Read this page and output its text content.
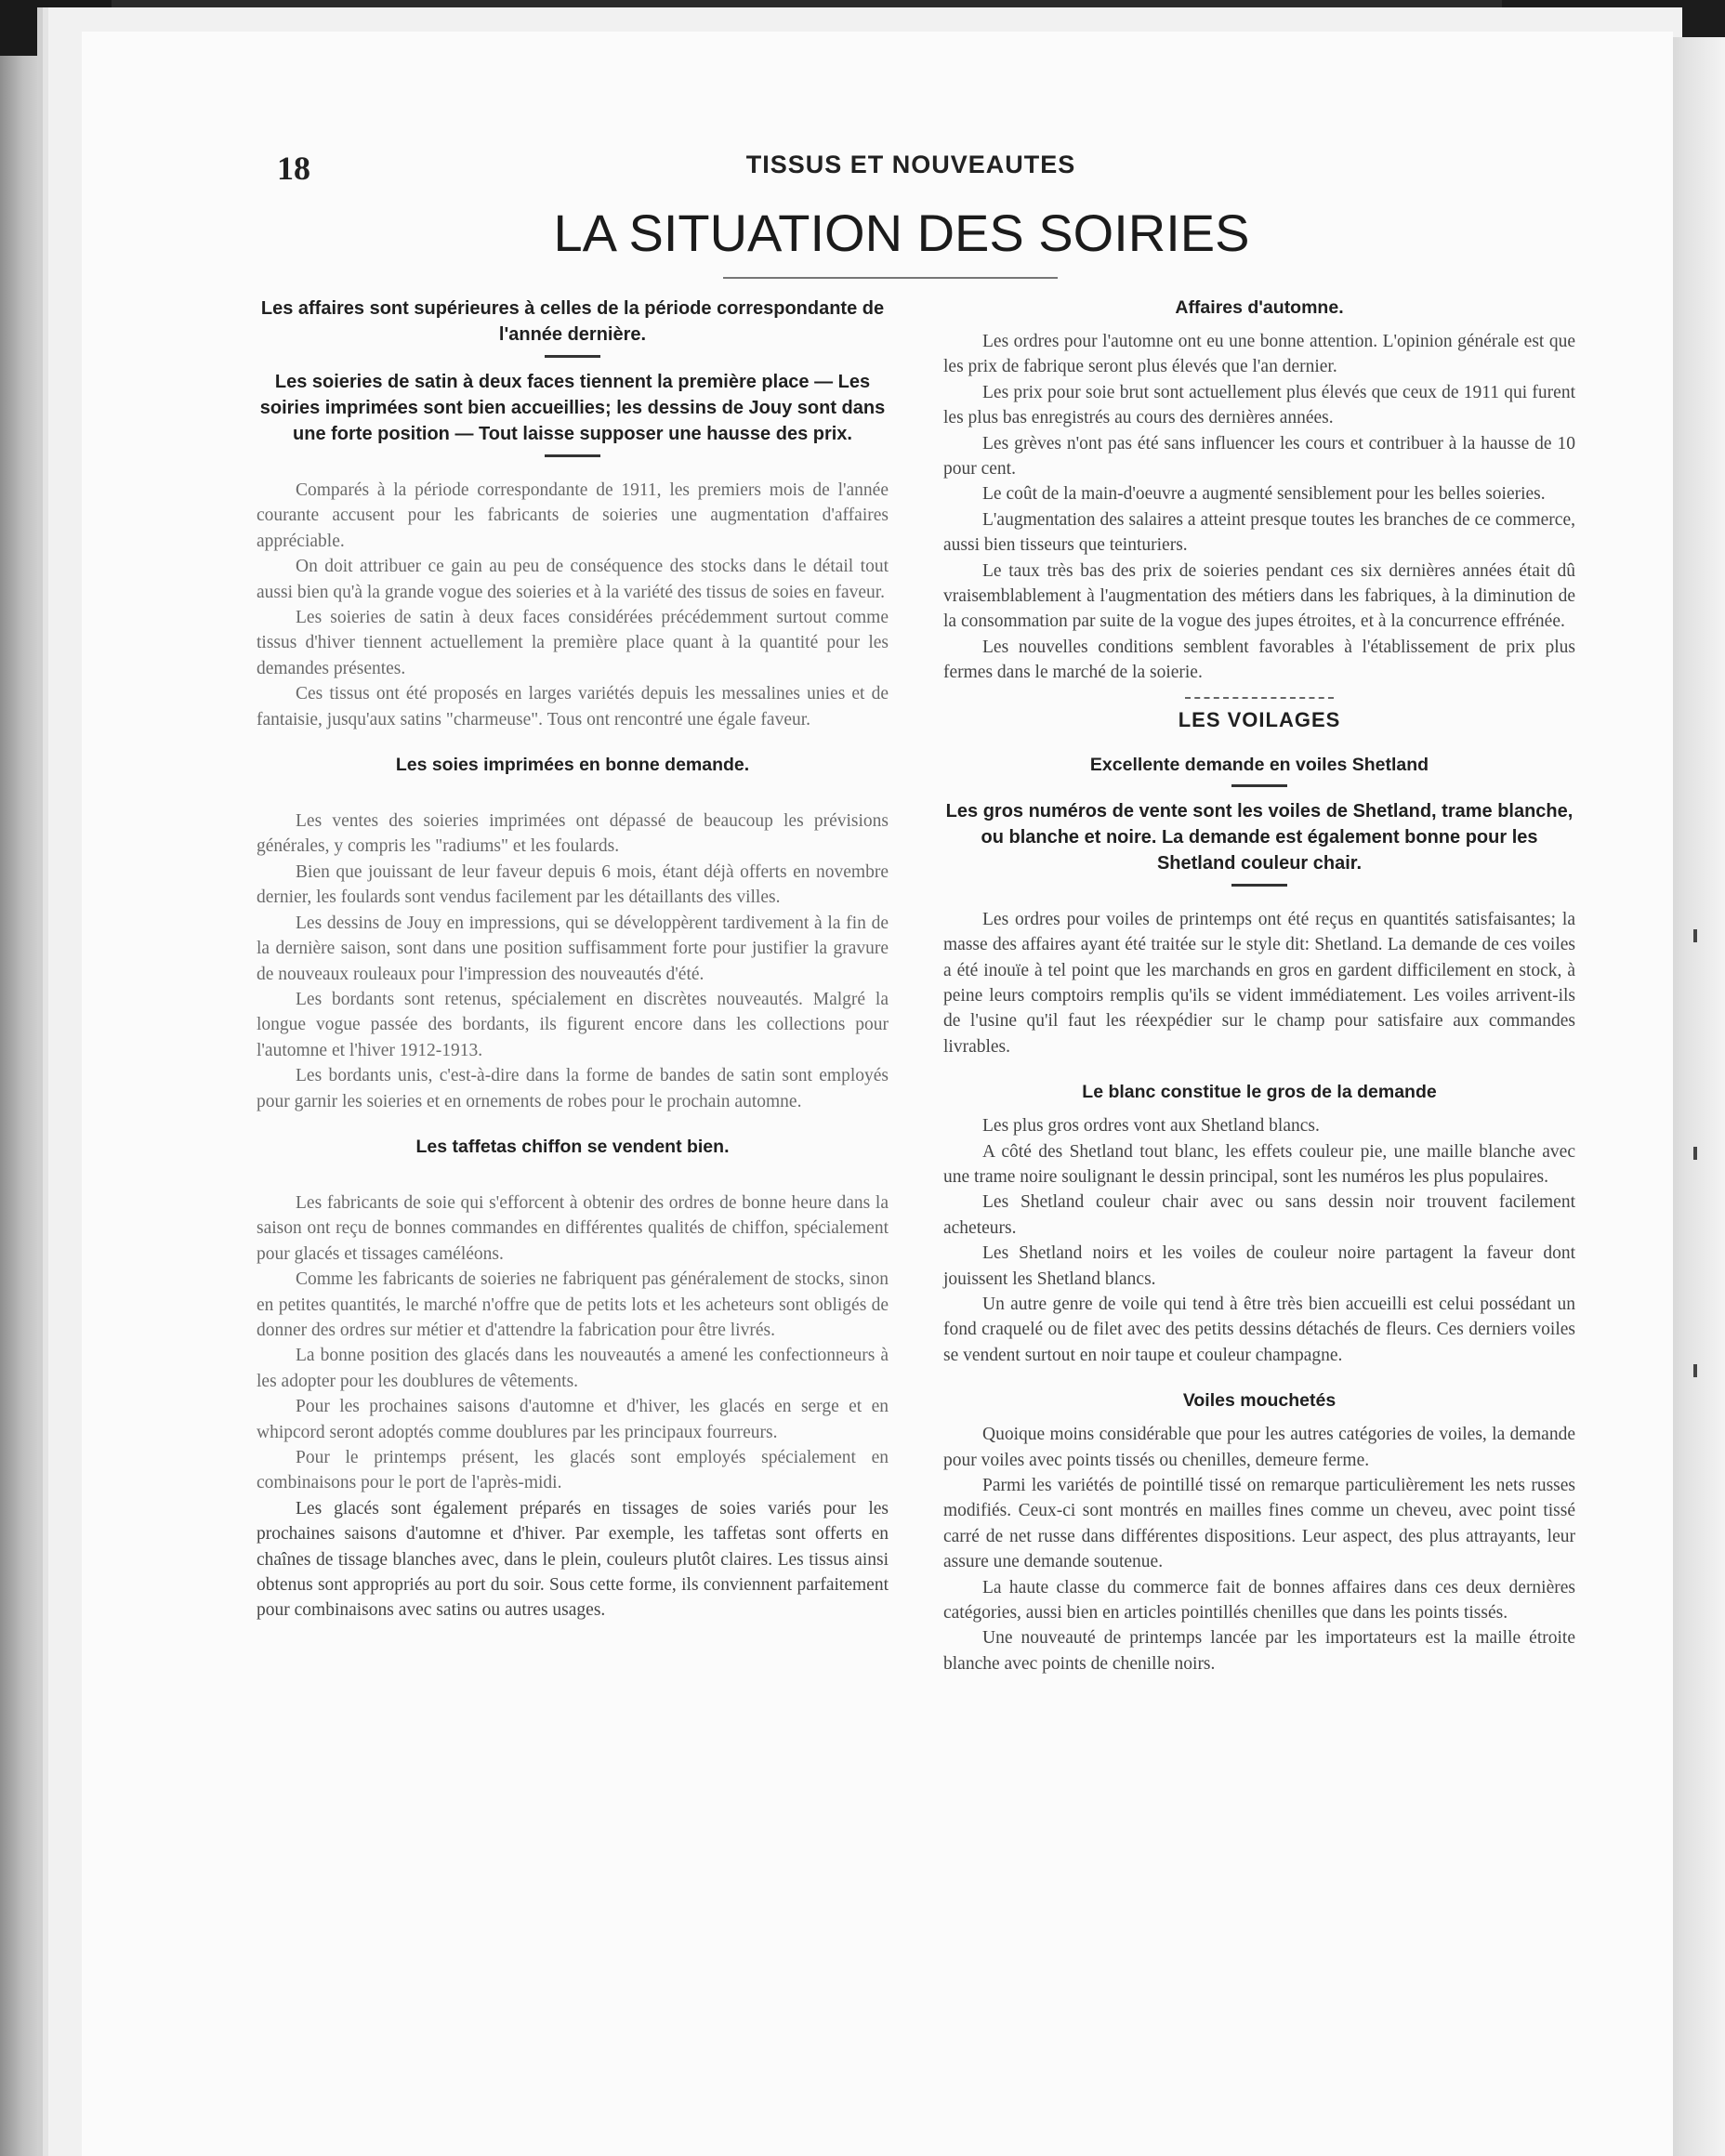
18	TISSUS ET NOUVEAUTES
LA SITUATION DES SOIRIES

Les affaires sont supérieures à celles de la période correspondante de l'année dernière.

Les soieries de satin à deux faces tiennent la première place — Les soiries imprimées sont bien accueillies; les dessins de Jouy sont dans une forte position — Tout laisse supposer une hausse des prix.

Comparés à la période correspondante de 1911, les premiers mois de l'année courante accusent pour les fabricants de soieries une augmentation d'affaires appréciable.

On doit attribuer ce gain au peu de conséquence des stocks dans le détail tout aussi bien qu'à la grande vogue des soieries et à la variété des tissus de soies en faveur.

Les soieries de satin à deux faces considérées précédemment surtout comme tissus d'hiver tiennent actuellement la première place quant à la quantité pour les demandes présentes.

Ces tissus ont été proposés en larges variétés depuis les messalines unies et de fantaisie, jusqu'aux satins "charmeuse". Tous ont rencontré une égale faveur.

Les soies imprimées en bonne demande.

Les ventes des soieries imprimées ont dépassé de beaucoup les prévisions générales, y compris les "radiums" et les foulards.

Bien que jouissant de leur faveur depuis 6 mois, étant déjà offerts en novembre dernier, les foulards sont vendus facilement par les détaillants des villes.

Les dessins de Jouy en impressions, qui se développèrent tardivement à la fin de la dernière saison, sont dans une position suffisamment forte pour justifier la gravure de nouveaux rouleaux pour l'impression des nouveautés d'été.

Les bordants sont retenus, spécialement en discrètes nouveautés. Malgré la longue vogue passée des bordants, ils figurent encore dans les collections pour l'automne et l'hiver 1912-1913.

Les bordants unis, c'est-à-dire dans la forme de bandes de satin sont employés pour garnir les soieries et en ornements de robes pour le prochain automne.

Les taffetas chiffon se vendent bien.

Les fabricants de soie qui s'efforcent à obtenir des ordres de bonne heure dans la saison ont reçu de bonnes commandes en différentes qualités de chiffon, spécialement pour glacés et tissages caméléons.

Comme les fabricants de soieries ne fabriquent pas généralement de stocks, sinon en petites quantités, le marché n'offre que de petits lots et les acheteurs sont obligés de donner des ordres sur métier et d'attendre la fabrication pour être livrés.

La bonne position des glacés dans les nouveautés a amené les confectionneurs à les adopter pour les doublures de vêtements.

Pour les prochaines saisons d'automne et d'hiver, les glacés en serge et en whipcord seront adoptés comme doublures par les principaux fourreurs.

Pour le printemps présent, les glacés sont employés spécialement en combinaisons pour le port de l'après-midi.

Les glacés sont également préparés en tissages de soies variés pour les prochaines saisons d'automne et d'hiver. Par exemple, les taffetas sont offerts en chaînes de tissage blanches avec, dans le plein, couleurs plutôt claires. Les tissus ainsi obtenus sont appropriés au port du soir. Sous cette forme, ils conviennent parfaitement pour combinaisons avec satins ou autres usages.

Affaires d'automne.

Les ordres pour l'automne ont eu une bonne attention. L'opinion générale est que les prix de fabrique seront plus élevés que l'an dernier.

Les prix pour soie brut sont actuellement plus élevés que ceux de 1911 qui furent les plus bas enregistrés au cours des dernières années.

Les grèves n'ont pas été sans influencer les cours et contribuer à la hausse de 10 pour cent.

Le coût de la main-d'oeuvre a augmenté sensiblement pour les belles soieries.

L'augmentation des salaires a atteint presque toutes les branches de ce commerce, aussi bien tisseurs que teinturiers.

Le taux très bas des prix de soieries pendant ces six dernières années était dû vraisemblablement à l'augmentation des métiers dans les fabriques, à la diminution de la consommation par suite de la vogue des jupes étroites, et à la concurrence effrénée.

Les nouvelles conditions semblent favorables à l'établissement de prix plus fermes dans le marché de la soierie.

LES VOILAGES

Excellente demande en voiles Shetland

Les gros numéros de vente sont les voiles de Shetland, trame blanche, ou blanche et noire. La demande est également bonne pour les Shetland couleur chair.

Les ordres pour voiles de printemps ont été reçus en quantités satisfaisantes; la masse des affaires ayant été traitée sur le style dit: Shetland. La demande de ces voiles a été inouïe à tel point que les marchands en gros en gardent difficilement en stock, à peine leurs comptoirs remplis qu'ils se vident immédiatement. Les voiles arrivent-ils de l'usine qu'il faut les réexpédier sur le champ pour satisfaire aux commandes livrables.

Le blanc constitue le gros de la demande

Les plus gros ordres vont aux Shetland blancs.

A côté des Shetland tout blanc, les effets couleur pie, une maille blanche avec une trame noire soulignant le dessin principal, sont les numéros les plus populaires.

Les Shetland couleur chair avec ou sans dessin noir trouvent facilement acheteurs.

Les Shetland noirs et les voiles de couleur noire partagent la faveur dont jouissent les Shetland blancs.

Un autre genre de voile qui tend à être très bien accueilli est celui possédant un fond craquelé ou de filet avec des petits dessins détachés de fleurs. Ces derniers voiles se vendent surtout en noir taupe et couleur champagne.

Voiles mouchetés

Quoique moins considérable que pour les autres catégories de voiles, la demande pour voiles avec points tissés ou chenilles, demeure ferme.

Parmi les variétés de pointillé tissé on remarque particulièrement les nets russes modifiés. Ceux-ci sont montrés en mailles fines comme un cheveu, avec point tissé carré de net russe dans différentes dispositions. Leur aspect, des plus attrayants, leur assure une demande soutenue.

La haute classe du commerce fait de bonnes affaires dans ces deux dernières catégories, aussi bien en articles pointillés chenilles que dans les points tissés.

Une nouveauté de printemps lancée par les importateurs est la maille étroite blanche avec points de chenille noirs.
